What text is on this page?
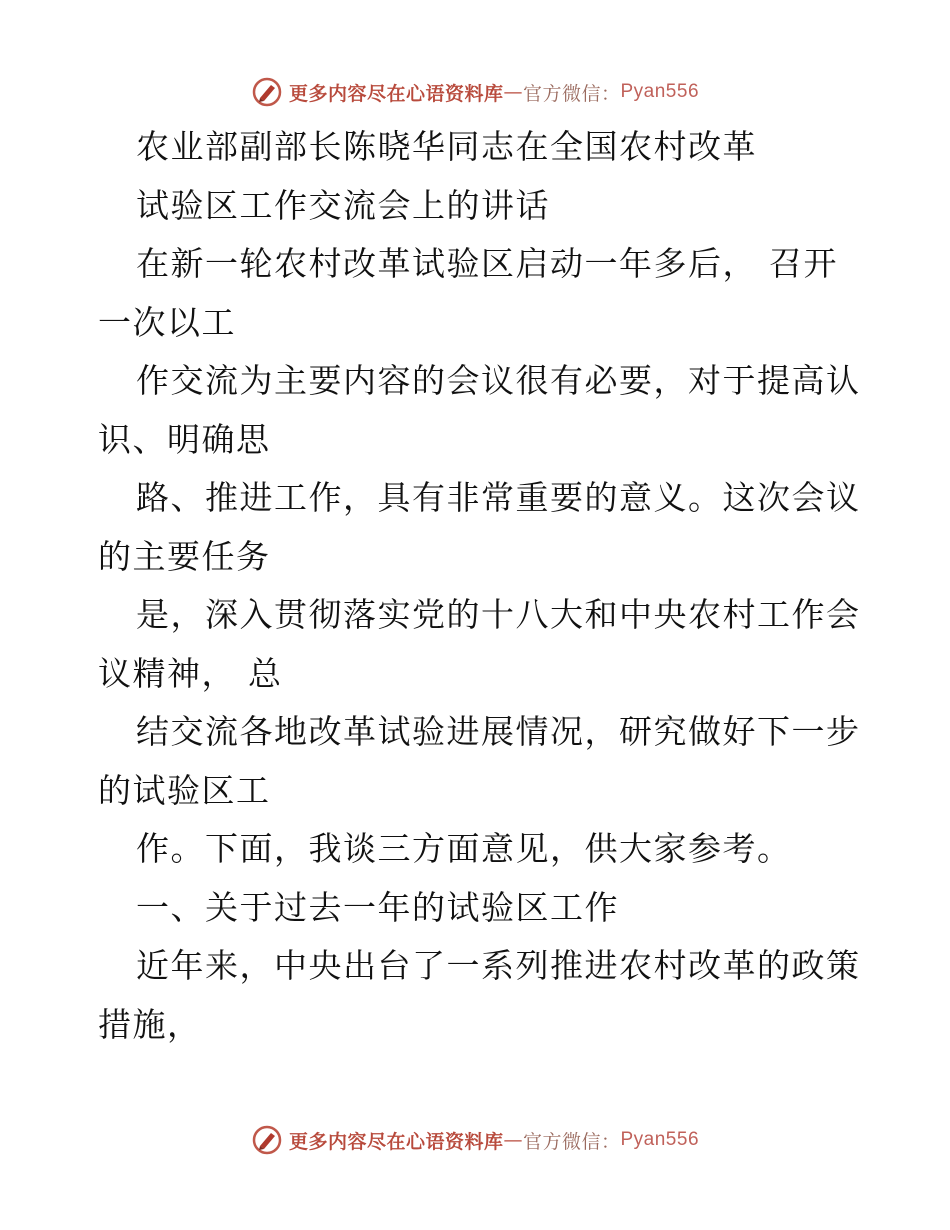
更多内容尽在心语资料库 — 官方微信： Pyan556
农业部副部长陈晓华同志在全国农村改革
试验区工作交流会上的讲话
在新一轮农村改革试验区启动一年多后， 召开
一次以工
作交流为主要内容的会议很有必要，对于提高认
识、明确思
路、推进工作，具有非常重要的意义。这次会议
的主要任务
是，深入贯彻落实党的十八大和中央农村工作会
议精神， 总
结交流各地改革试验进展情况，研究做好下一步
的试验区工
作。下面，我谈三方面意见，供大家参考。
一、关于过去一年的试验区工作
近年来，中央出台了一系列推进农村改革的政策
措施，
更多内容尽在心语资料库 — 官方微信： Pyan556
